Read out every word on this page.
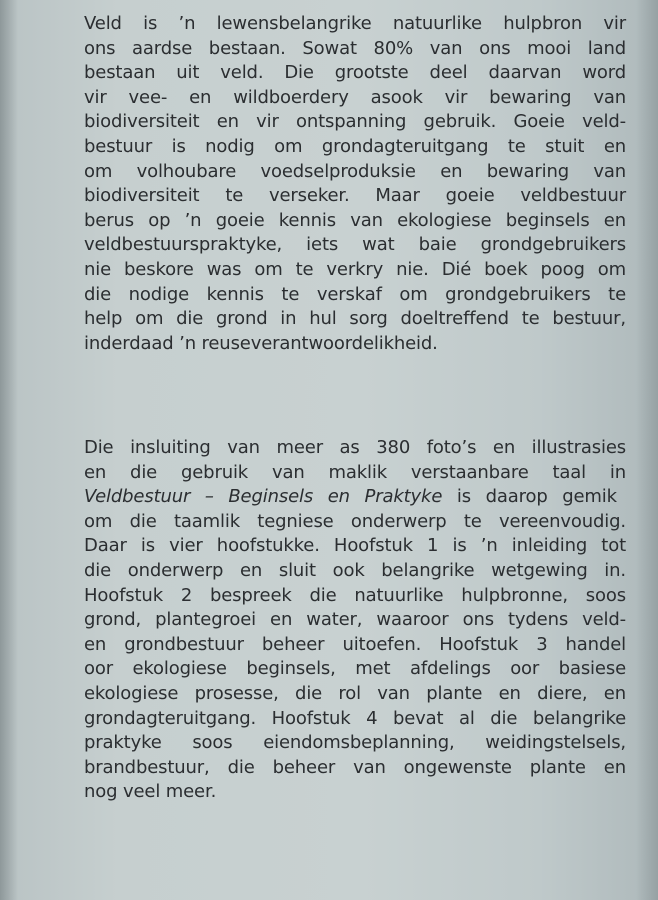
Veld is ’n lewensbelangrike natuurlike hulpbron vir
ons aardse bestaan. Sowat 80% van ons mooi land
bestaan uit veld. Die grootste deel daarvan word
vir vee- en wildboerdery asook vir bewaring van
biodiversiteit en vir ontspanning gebruik. Goeie veld-
bestuur is nodig om grondagteruitgang te stuit en
om volhoubare voedselproduksie en bewaring van
biodiversiteit te verseker. Maar goeie veldbestuur
berus op ’n goeie kennis van ekologiese beginsels en
veldbestuurspraktyke, iets wat baie grondgebruikers
nie beskore was om te verkry nie. Dié boek poog om
die nodige kennis te verskaf om grondgebruikers te
help om die grond in hul sorg doeltreffend te bestuur,
inderdaad ’n reuseverantwoordelikheid.
Die insluiting van meer as 380 foto’s en illustrasies
en die gebruik van maklik verstaanbare taal in
Veldbestuur – Beginsels en Praktyke is daarop gemik
om die taamlik tegniese onderwerp te vereenvoudig.
Daar is vier hoofstukke. Hoofstuk 1 is ’n inleiding tot
die onderwerp en sluit ook belangrike wetgewing in.
Hoofstuk 2 bespreek die natuurlike hulpbronne, soos
grond, plantegroei en water, waaroor ons tydens veld-
en grondbestuur beheer uitoefen. Hoofstuk 3 handel
oor ekologiese beginsels, met afdelings oor basiese
ekologiese prosesse, die rol van plante en diere, en
grondagteruitgang. Hoofstuk 4 bevat al die belangrike
praktyke soos eiendomsbeplanning, weidingstelsels,
brandbestuur, die beheer van ongewenste plante en
nog veel meer.
